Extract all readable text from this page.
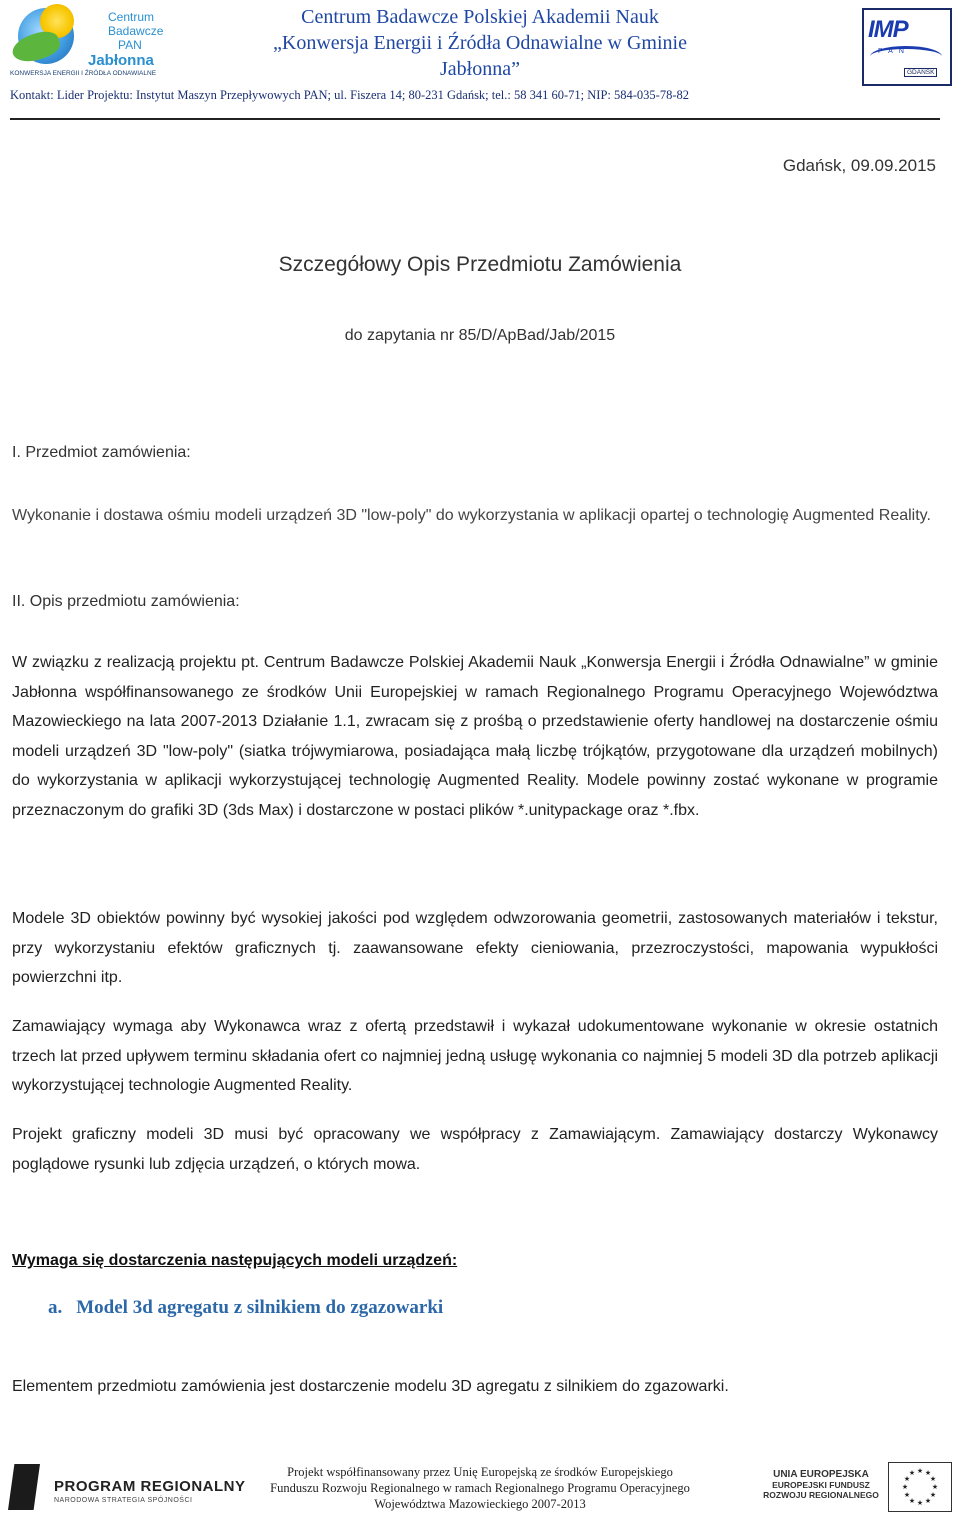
Centrum
Badawcze
PAN
Jabłonna
KONWERSJA ENERGII I ŹRÓDŁA ODNAWIALNE
Centrum Badawcze Polskiej Akademii Nauk
„Konwersja Energii i Źródła Odnawialne w Gminie
Jabłonna”
IMP
PAN
GDAŃSK
Kontakt: Lider Projektu: Instytut Maszyn Przepływowych PAN; ul. Fiszera 14; 80-231 Gdańsk; tel.: 58 341 60-71; NIP: 584-035-78-82
Gdańsk, 09.09.2015
Szczegółowy Opis Przedmiotu Zamówienia
do zapytania nr 85/D/ApBad/Jab/2015
I. Przedmiot zamówienia:
Wykonanie i dostawa ośmiu modeli urządzeń 3D "low-poly" do wykorzystania w aplikacji opartej o technologię Augmented Reality.
II. Opis przedmiotu zamówienia:
W związku z realizacją projektu pt. Centrum Badawcze Polskiej Akademii Nauk „Konwersja Energii i Źródła Odnawialne” w gminie Jabłonna współfinansowanego ze środków Unii Europejskiej w ramach Regionalnego Programu Operacyjnego Województwa Mazowieckiego na lata 2007-2013 Działanie 1.1, zwracam się z prośbą o przedstawienie oferty handlowej na dostarczenie ośmiu modeli urządzeń 3D "low-poly" (siatka trójwymiarowa, posiadająca małą liczbę trójkątów, przygotowane dla urządzeń mobilnych) do wykorzystania w aplikacji wykorzystującej technologię Augmented Reality. Modele powinny zostać wykonane w programie przeznaczonym do grafiki 3D (3ds Max) i dostarczone w postaci plików *.unitypackage oraz *.fbx.
Modele 3D obiektów powinny być wysokiej jakości pod względem odwzorowania geometrii, zastosowanych materiałów i tekstur, przy wykorzystaniu efektów graficznych tj. zaawansowane efekty cieniowania, przezroczystości, mapowania wypukłości powierzchni itp.
Zamawiający wymaga aby Wykonawca wraz z ofertą przedstawił i wykazał udokumentowane wykonanie w okresie ostatnich trzech lat przed upływem terminu składania ofert co najmniej jedną usługę wykonania co najmniej 5 modeli 3D dla potrzeb aplikacji wykorzystującej technologie Augmented Reality.
Projekt graficzny modeli 3D musi być opracowany we współpracy z Zamawiającym. Zamawiający dostarczy Wykonawcy poglądowe rysunki lub zdjęcia urządzeń, o których mowa.
Wymaga się dostarczenia następujących modeli urządzeń:
a. Model 3d agregatu z silnikiem do zgazowarki
Elementem przedmiotu zamówienia jest dostarczenie modelu 3D agregatu z silnikiem do zgazowarki.
PROGRAM REGIONALNY
NARODOWA STRATEGIA SPÓJNOŚCI
Projekt współfinansowany przez Unię Europejską ze środków Europejskiego
Funduszu Rozwoju Regionalnego w ramach Regionalnego Programu Operacyjnego
Województwa Mazowieckiego 2007-2013
UNIA EUROPEJSKA
EUROPEJSKI FUNDUSZ
ROZWOJU REGIONALNEGO
★ ★
★
★
★
★
★
★
★
★
★
★
